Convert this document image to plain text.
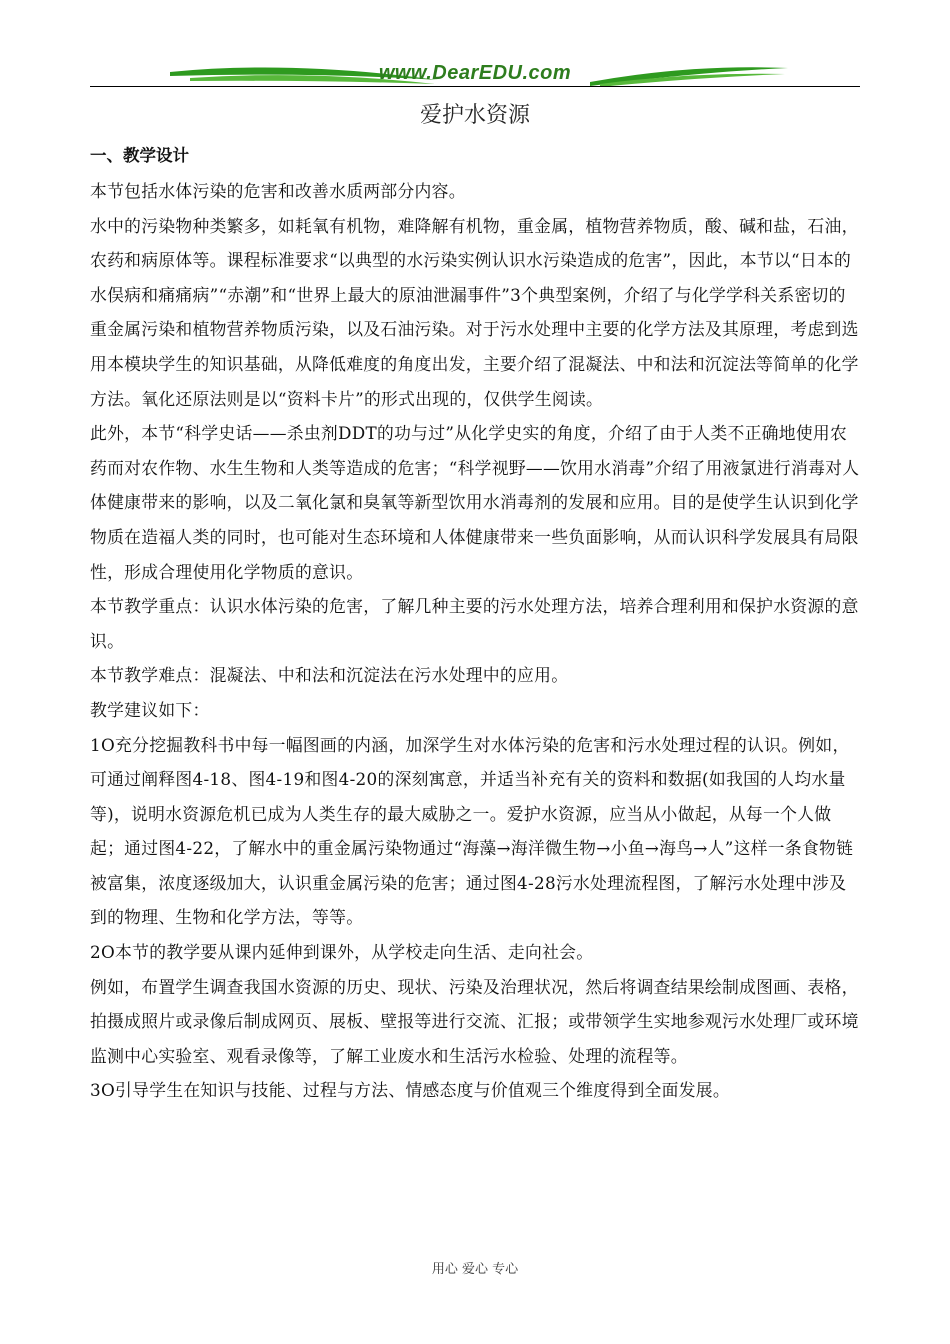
www.DearEDU.com
爱护水资源
一、教学设计

本节包括水体污染的危害和改善水质两部分内容。

水中的污染物种类繁多，如耗氧有机物，难降解有机物，重金属，植物营养物质，酸、碱和盐，石油，农药和病原体等。课程标准要求“以典型的水污染实例认识水污染造成的危害”，因此，本节以“日本的水俣病和痛痛病”“赤潮”和“世界上最大的原油泄漏事件”3个典型案例，介绍了与化学学科关系密切的重金属污染和植物营养物质污染，以及石油污染。对于污水处理中主要的化学方法及其原理，考虑到选用本模块学生的知识基础，从降低难度的角度出发，主要介绍了混凝法、中和法和沉淀法等简单的化学方法。氧化还原法则是以“资料卡片”的形式出现的，仅供学生阅读。

此外，本节“科学史话——杀虫剂DDT的功与过”从化学史实的角度，介绍了由于人类不正确地使用农药而对农作物、水生生物和人类等造成的危害；“科学视野——饮用水消毒”介绍了用液氯进行消毒对人体健康带来的影响，以及二氧化氯和臭氧等新型饮用水消毒剂的发展和应用。目的是使学生认识到化学物质在造福人类的同时，也可能对生态环境和人体健康带来一些负面影响，从而认识科学发展具有局限性，形成合理使用化学物质的意识。

本节教学重点：认识水体污染的危害，了解几种主要的污水处理方法，培养合理利用和保护水资源的意识。

本节教学难点：混凝法、中和法和沉淀法在污水处理中的应用。

教学建议如下：

1O充分挖掘教科书中每一幅图画的内涵，加深学生对水体污染的危害和污水处理过程的认识。例如，可通过阐释图4-18、图4-19和图4-20的深刻寓意，并适当补充有关的资料和数据(如我国的人均水量等)，说明水资源危机已成为人类生存的最大威胁之一。爱护水资源，应当从小做起，从每一个人做起；通过图4-22，了解水中的重金属污染物通过“海藻→海洋微生物→小鱼→海鸟→人”这样一条食物链被富集，浓度逐级加大，认识重金属污染的危害；通过图4-28污水处理流程图，了解污水处理中涉及到的物理、生物和化学方法，等等。

2O本节的教学要从课内延伸到课外，从学校走向生活、走向社会。

例如，布置学生调查我国水资源的历史、现状、污染及治理状况，然后将调查结果绘制成图画、表格，拍摄成照片或录像后制成网页、展板、壁报等进行交流、汇报；或带领学生实地参观污水处理厂或环境监测中心实验室、观看录像等，了解工业废水和生活污水检验、处理的流程等。

3O引导学生在知识与技能、过程与方法、情感态度与价值观三个维度得到全面发展。

用心 爱心 专心
